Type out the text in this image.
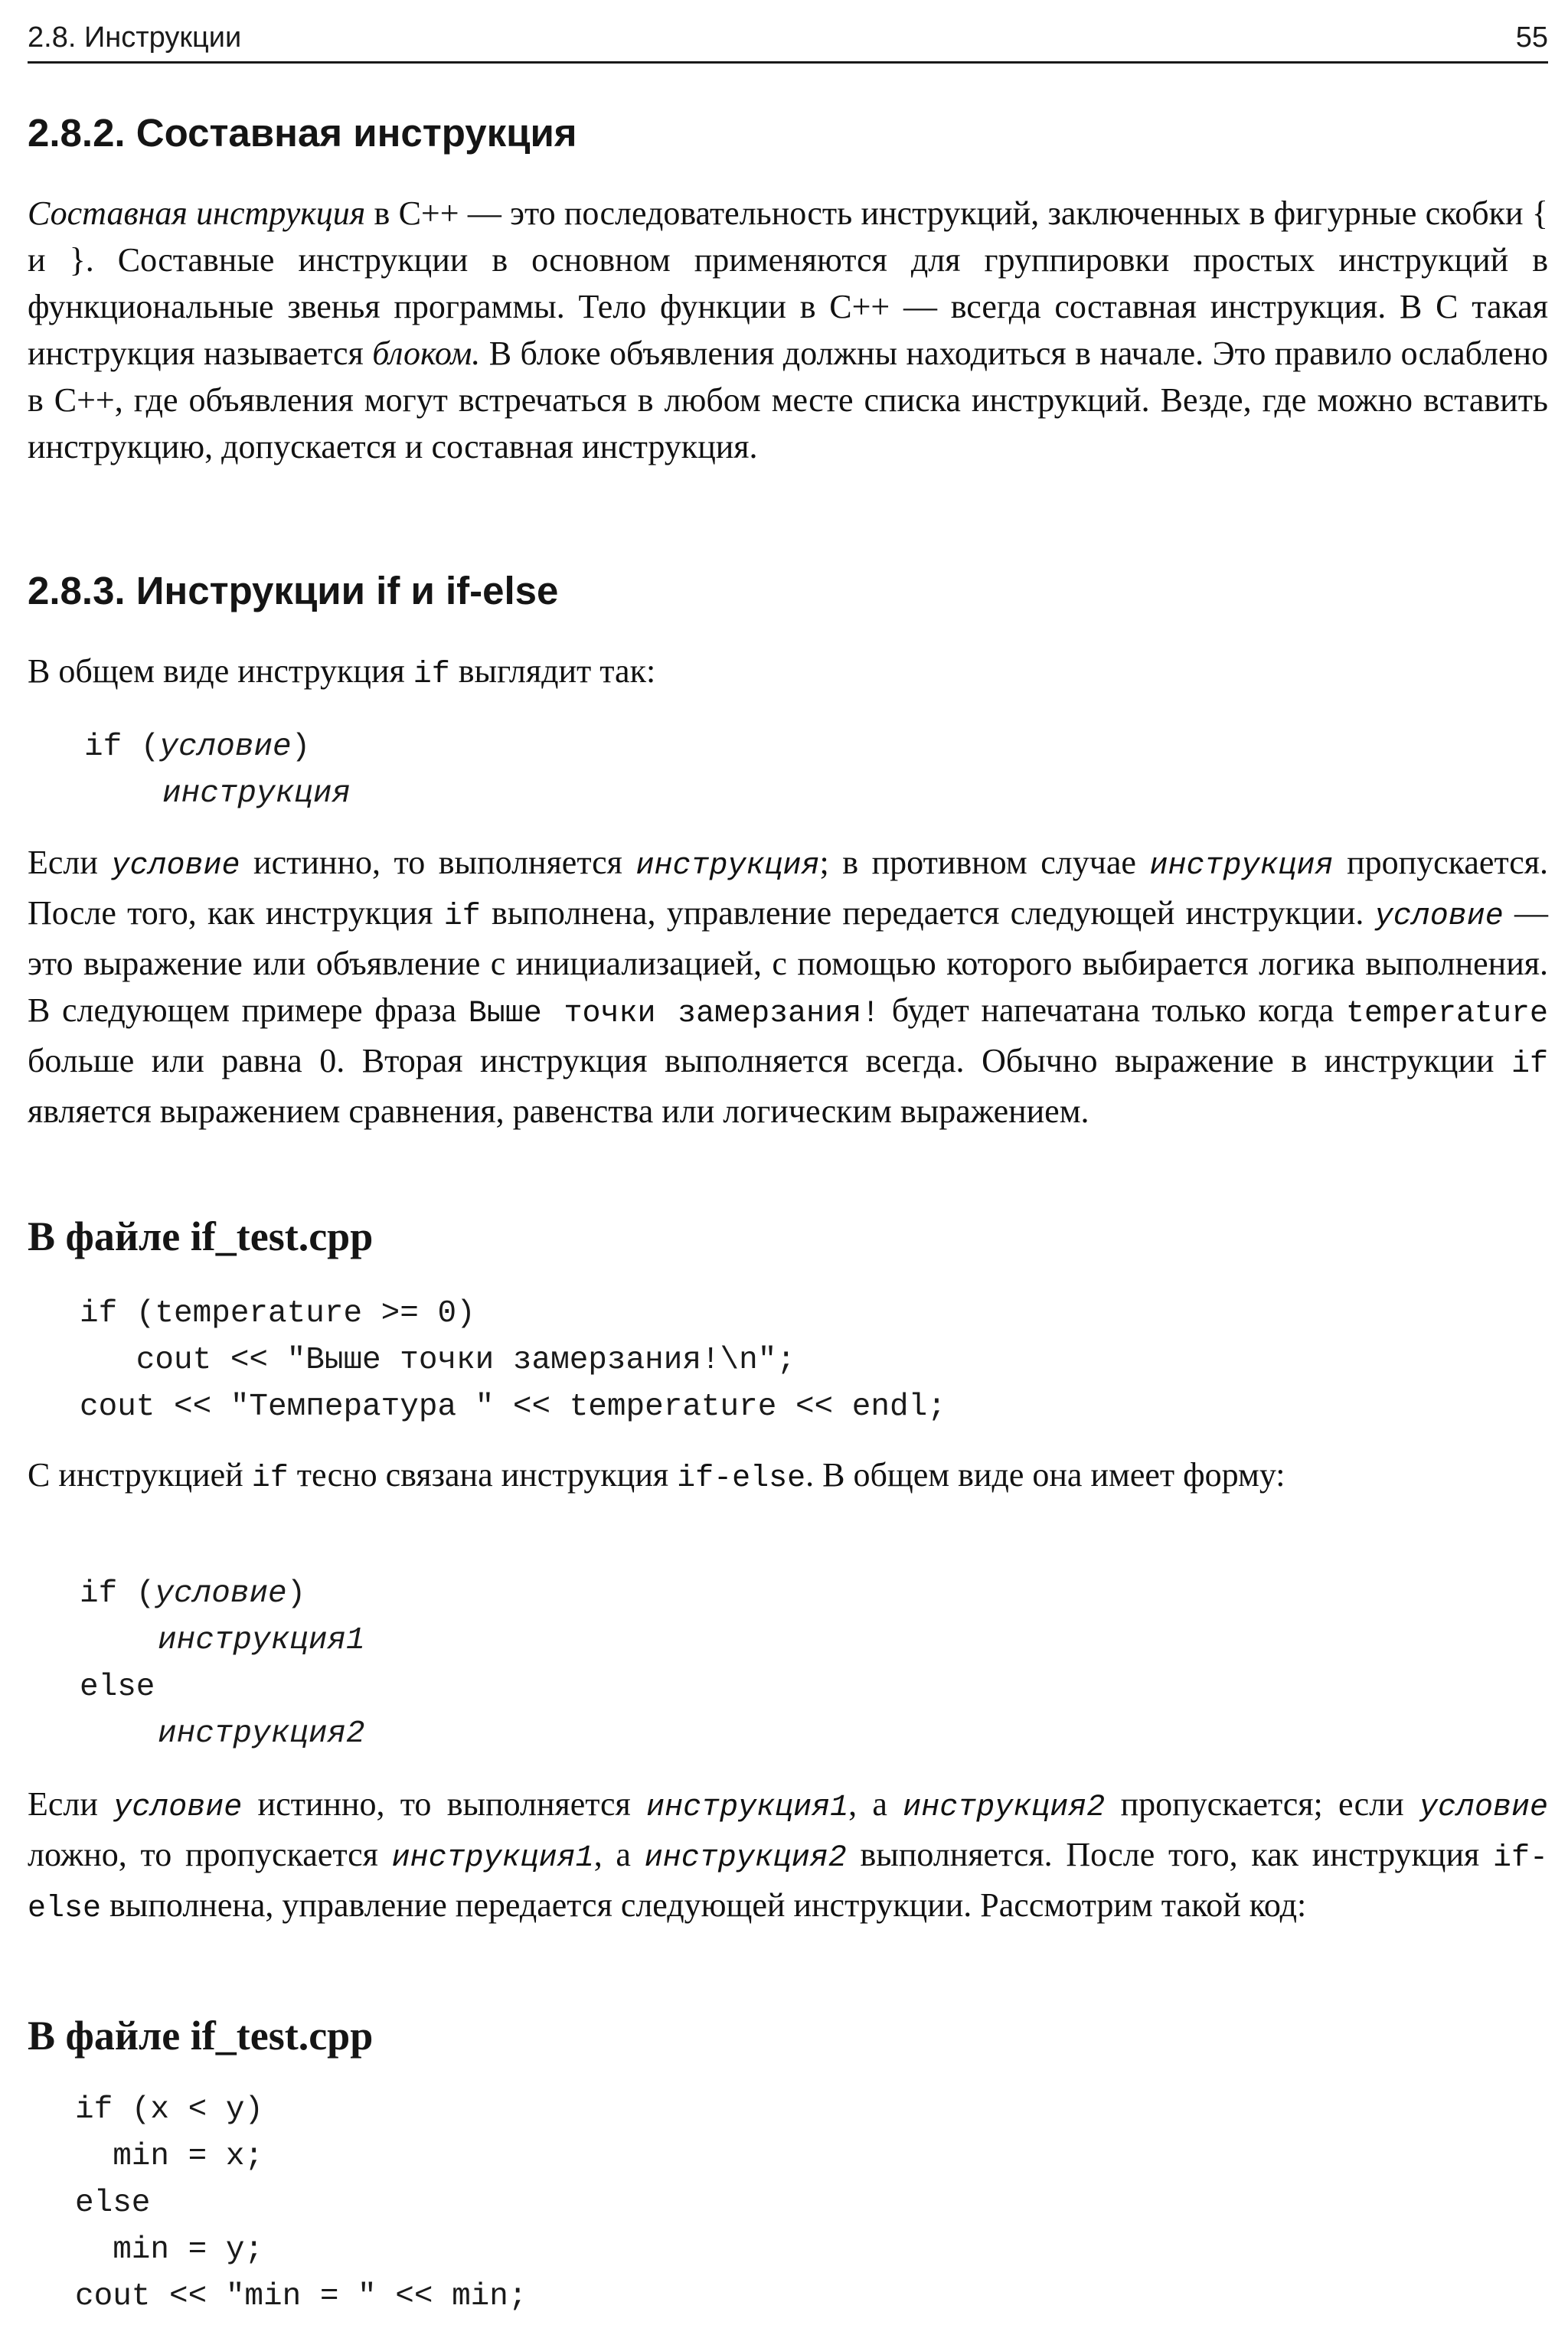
2.8. Инструкции	55
2.8.2. Составная инструкция

Составная инструкция в C++ — это последовательность инструкций, заключенных в фигурные скобки { и }. Составные инструкции в основном применяются для группировки простых инструкций в функциональные звенья программы. Тело функции в C++ — всегда составная инструкция. В C такая инструкция называется блоком. В блоке объявления должны находиться в начале. Это правило ослаблено в C++, где объявления могут встречаться в любом месте списка инструкций. Везде, где можно вставить инструкцию, допускается и составная инструкция.

2.8.3. Инструкции if и if-else

В общем виде инструкция if выглядит так:

if (условие)
инструкция

Если условие истинно, то выполняется инструкция; в противном случае инструкция пропускается. После того, как инструкция if выполнена, управление передается следующей инструкции. условие — это выражение или объявление с инициализацией, с помощью которого выбирается логика выполнения. В следующем примере фраза Выше точки замерзания! будет напечатана только когда temperature больше или равна 0. Вторая инструкция выполняется всегда. Обычно выражение в инструкции if является выражением сравнения, равенства или логическим выражением.

В файле if_test.cpp
if (temperature >= 0)
cout << "Выше точки замерзания!\n";
cout << "Температура " << temperature << endl;

С инструкцией if тесно связана инструкция if-else. В общем виде она имеет форму:

if (условие)
инструкция1
else
инструкция2

Если условие истинно, то выполняется инструкция1, а инструкция2 пропускается; если условие ложно, то пропускается инструкция1, а инструкция2 выполняется. После того, как инструкция if-else выполнена, управление передается следующей инструкции. Рассмотрим такой код:

В файле if_test.cpp
if (x < y)
min = x;
else
min = y;
cout << "min = " << min;
